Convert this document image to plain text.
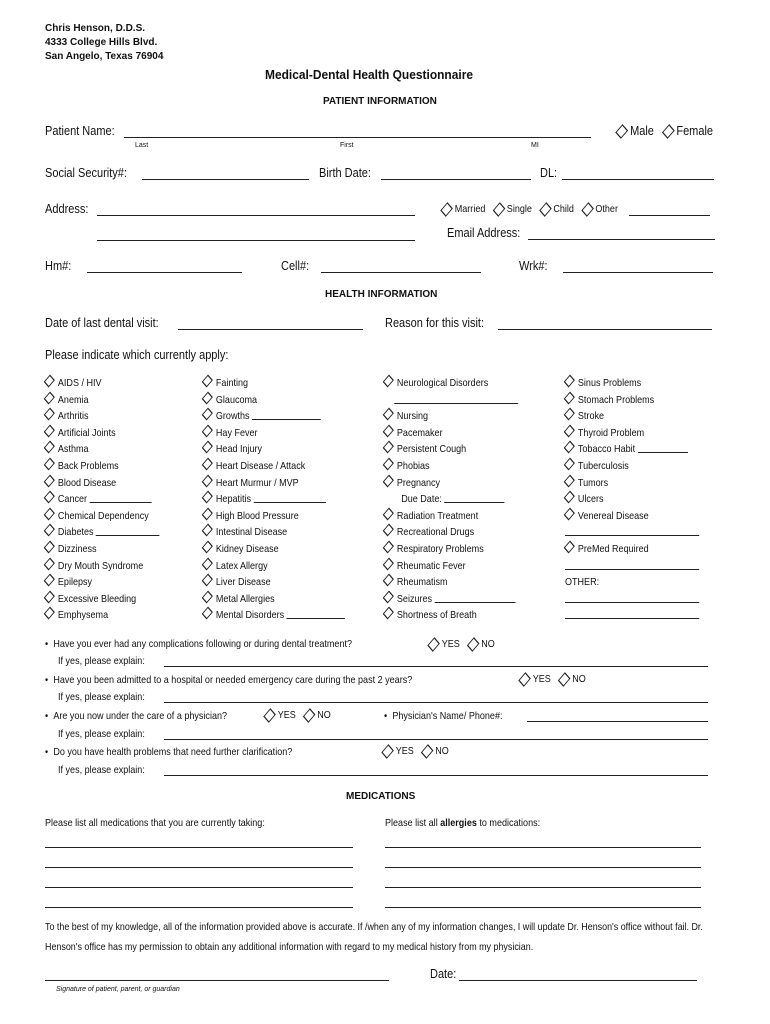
Chris Henson, D.D.S.
4333 College Hills Blvd.
San Angelo, Texas 76904
Medical-Dental Health Questionnaire
PATIENT INFORMATION
Patient Name:
Last	First	MI
Male
Female
Social Security#:	Birth Date:	DL:
Address:	Married
Single
Child
Other
Email Address:
Hm#:	Cell#:	Wrk#:
HEALTH INFORMATION
Date of last dental visit:	Reason for this visit:
Please indicate which currently apply:
AIDS / HIV
Anemia
Arthritis
Artificial Joints
Asthma
Back Problems
Blood Disease
Cancer
Chemical Dependency
Diabetes
Dizziness
Dry Mouth Syndrome
Epilepsy
Excessive Bleeding
Emphysema
Fainting
Glaucoma
Growths
Hay Fever
Head Injury
Heart Disease / Attack
Heart Murmur / MVP
Hepatitis
High Blood Pressure
Intestinal Disease
Kidney Disease
Latex Allergy
Liver Disease
Metal Allergies
Mental Disorders
Neurological Disorders
Nursing
Pacemaker
Persistent Cough
Phobias
Pregnancy
Due Date:
Radiation Treatment
Recreational Drugs
Respiratory Problems
Rheumatic Fever
Rheumatism
Seizures
Shortness of Breath
Sinus Problems
Stomach Problems
Stroke
Thyroid Problem
Tobacco Habit
Tuberculosis
Tumors
Ulcers
Venereal Disease
PreMed Required
OTHER:
• Have you ever had any complications following or during dental treatment?	YES
NO
If yes, please explain:
• Have you been admitted to a hospital or needed emergency care during the past 2 years?	YES
NO
If yes, please explain:
• Are you now under the care of a physician?	YES
NO
•	Physician's Name/ Phone#:
If yes, please explain:
• Do you have health problems that need further clarification?	YES
NO
If yes, please explain:
MEDICATIONS
Please list all medications that you are currently taking:	Please list all allergies to medications:
To the best of my knowledge, all of the information provided above is accurate. If /when any of my information changes, I will update Dr. Henson's office without fail. Dr. Henson's office has my permission to obtain any additional information with regard to my medical history from my physician.
Date:
Signature of patient, parent, or guardian
